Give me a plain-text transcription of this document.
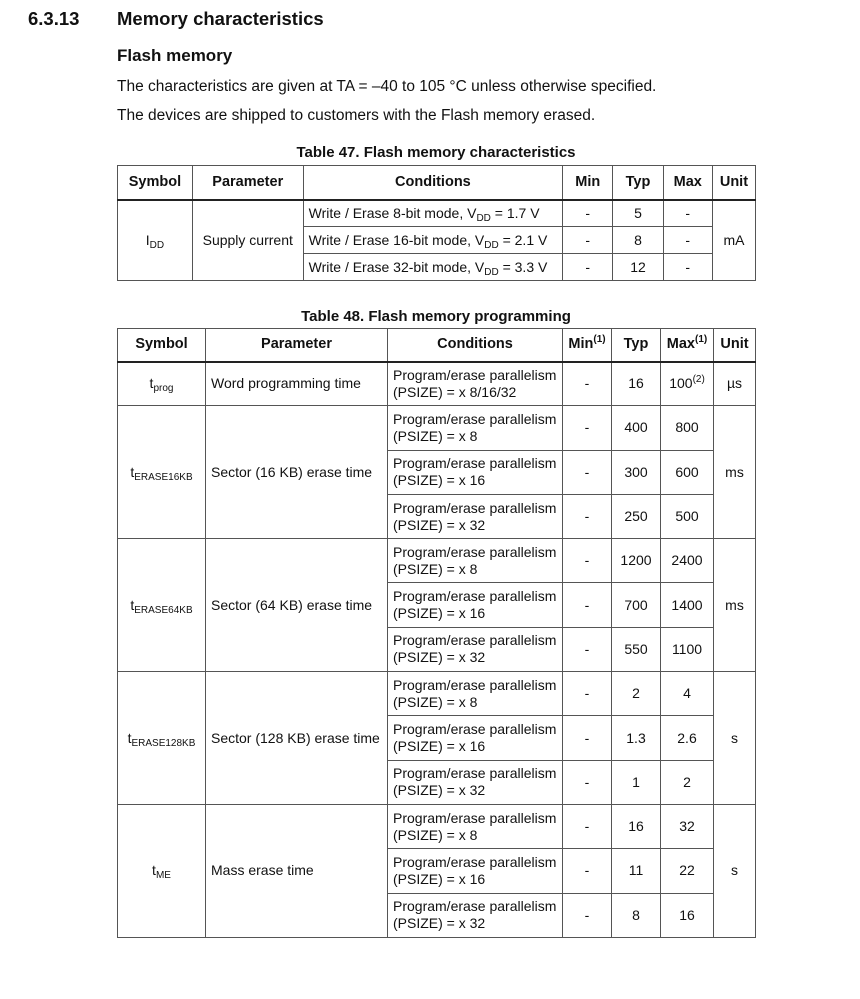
6.3.13 Memory characteristics
Flash memory
The characteristics are given at TA = –40 to 105 °C unless otherwise specified.
The devices are shipped to customers with the Flash memory erased.
Table 47. Flash memory characteristics
Symbol	Parameter	Conditions	Min	Typ	Max	Unit
$I_{DD}$	Supply current	Write / Erase 8-bit mode, $V_{DD} = 1.7$ V	-	5	-	mA
		Write / Erase 16-bit mode, $V_{DD} = 2.1$ V	-	8	-	
		Write / Erase 32-bit mode, $V_{DD} = 3.3$ V	-	12	-	
Table 48. Flash memory programming
Symbol	Parameter	Conditions	Min$^{(1)}$	Typ	Max$^{(1)}$	Unit
$t_{prog}$	Word programming time	Program/erase parallelism
(PSIZE) = x 8/16/32	-	16	100$^{(2)}$	µs
$t_{ERASE16KB}$	Sector (16 KB) erase time	Program/erase parallelism
(PSIZE) = x 8	-	400	800	ms

		Program/erase parallelism
(PSIZE) = x 16	-	300	600	

		Program/erase parallelism
(PSIZE) = x 32	-	250	500	
$t_{ERASE64KB}$	Sector (64 KB) erase time	Program/erase parallelism
(PSIZE) = x 8	-	1200	2400	ms

		Program/erase parallelism
(PSIZE) = x 16	-	700	1400	

		Program/erase parallelism
(PSIZE) = x 32	-	550	1100	
$t_{ERASE128KB}$	Sector (128 KB) erase time	Program/erase parallelism
(PSIZE) = x 8	-	2	4	s

		Program/erase parallelism
(PSIZE) = x 16	-	1.3	2.6	

		Program/erase parallelism
(PSIZE) = x 32	-	1	2	
$t_{ME}$	Mass erase time	Program/erase parallelism
(PSIZE) = x 8	-	16	32	s

		Program/erase parallelism
(PSIZE) = x 16	-	11	22	

		Program/erase parallelism
(PSIZE) = x 32	-	8	16	
